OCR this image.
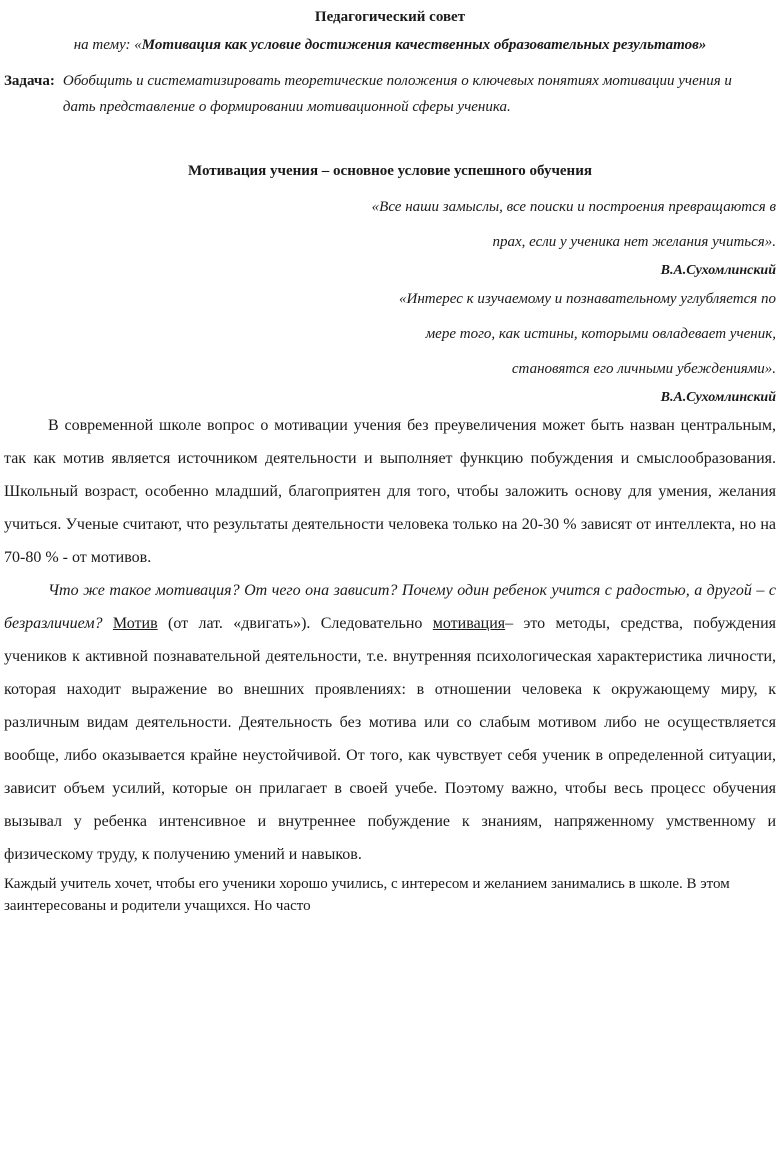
Педагогический совет

на тему: «Мотивация как условие достижения качественных образовательных результатов»

Задача: Обобщить и систематизировать теоретические положения о ключевых понятиях мотивации учения и дать представление о формировании мотивационной сферы ученика.

Мотивация учения – основное условие успешного обучения

«Все наши замыслы, все поиски и построения превращаются в

прах, если у ученика нет желания учиться».

В.А.Сухомлинский

«Интерес к изучаемому и познавательному углубляется по

мере того, как истины, которыми овладевает ученик,

становятся его личными убеждениями».

В.А.Сухомлинский

В современной школе вопрос о мотивации учения без преувеличения может быть назван центральным, так как мотив является источником деятельности и выполняет функцию побуждения и смыслообразования. Школьный возраст, особенно младший, благоприятен для того, чтобы заложить основу для умения, желания учиться. Ученые считают, что результаты деятельности человека только на 20-30 % зависят от интеллекта, но на 70-80 % - от мотивов.

Что же такое мотивация? От чего она зависит? Почему один ребенок учится с радостью, а другой – с безразличием? Мотив (от лат. «двигать»). Следовательно мотивация– это методы, средства, побуждения учеников к активной познавательной деятельности, т.е. внутренняя психологическая характеристика личности, которая находит выражение во внешних проявлениях: в отношении человека к окружающему миру, к различным видам деятельности. Деятельность без мотива или со слабым мотивом либо не осуществляется вообще, либо оказывается крайне неустойчивой. От того, как чувствует себя ученик в определенной ситуации, зависит объем усилий, которые он прилагает в своей учебе. Поэтому важно, чтобы весь процесс обучения вызывал у ребенка интенсивное и внутреннее побуждение к знаниям, напряженному умственному и физическому труду, к получению умений и навыков.

Каждый учитель хочет, чтобы его ученики хорошо учились, с интересом и желанием занимались в школе. В этом заинтересованы и родители учащихся. Но часто
